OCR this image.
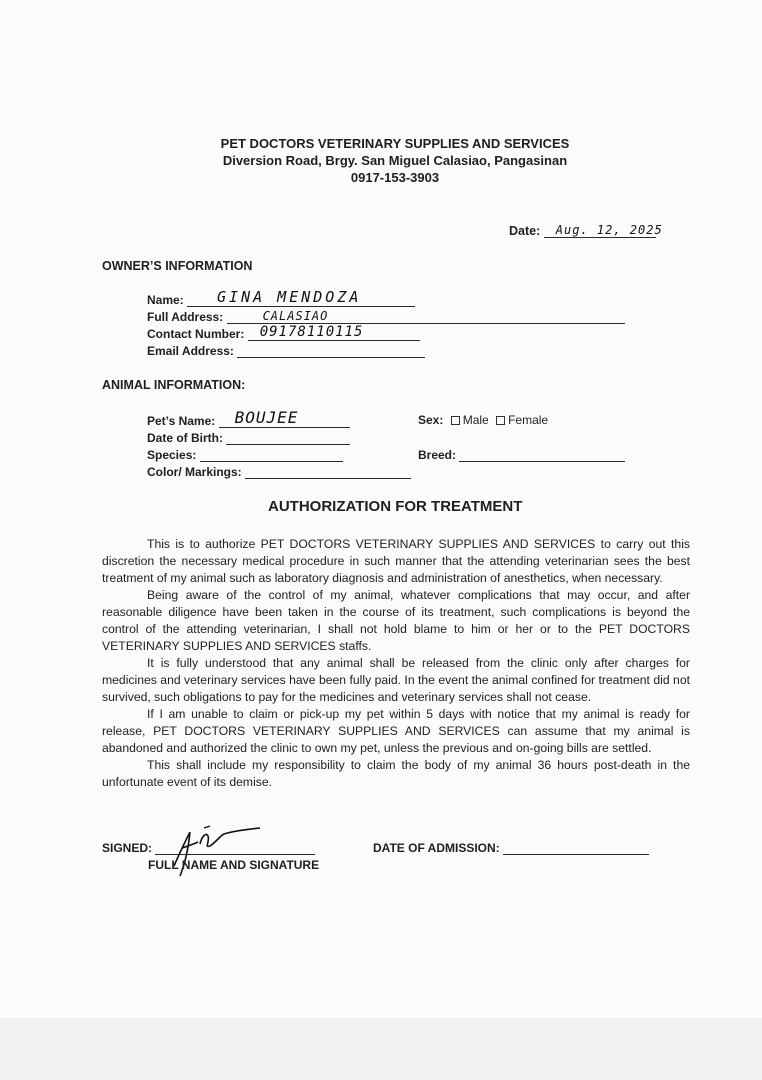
PET DOCTORS VETERINARY SUPPLIES AND SERVICES
Diversion Road, Brgy. San Miguel Calasiao, Pangasinan
0917-153-3903
Date: Aug. 12, 2025
OWNER’S INFORMATION
Name: GINA MENDOZA
Full Address:	CALASIAO
Contact Number: 09178110115
Email Address:
ANIMAL INFORMATION:
Pet’s Name: BOUJEE	Sex: Male Female
Date of Birth:
Species:	Breed:
Color/ Markings:
AUTHORIZATION FOR TREATMENT

This is to authorize PET DOCTORS VETERINARY SUPPLIES AND SERVICES to carry out this discretion the necessary medical procedure in such manner that the attending veterinarian sees the best treatment of my animal such as laboratory diagnosis and administration of anesthetics, when necessary.

Being aware of the control of my animal, whatever complications that may occur, and after reasonable diligence have been taken in the course of its treatment, such complications is beyond the control of the attending veterinarian, I shall not hold blame to him or her or to the PET DOCTORS VETERINARY SUPPLIES AND SERVICES staffs.

It is fully understood that any animal shall be released from the clinic only after charges for medicines and veterinary services have been fully paid. In the event the animal confined for treatment did not survived, such obligations to pay for the medicines and veterinary services shall not cease.

If I am unable to claim or pick-up my pet within 5 days with notice that my animal is ready for release, PET DOCTORS VETERINARY SUPPLIES AND SERVICES can assume that my animal is abandoned and authorized the clinic to own my pet, unless the previous and on-going bills are settled.

This shall include my responsibility to claim the body of my animal 36 hours post-death in the unfortunate event of its demise.

SIGNED:
FULL NAME AND SIGNATURE
DATE OF ADMISSION:
